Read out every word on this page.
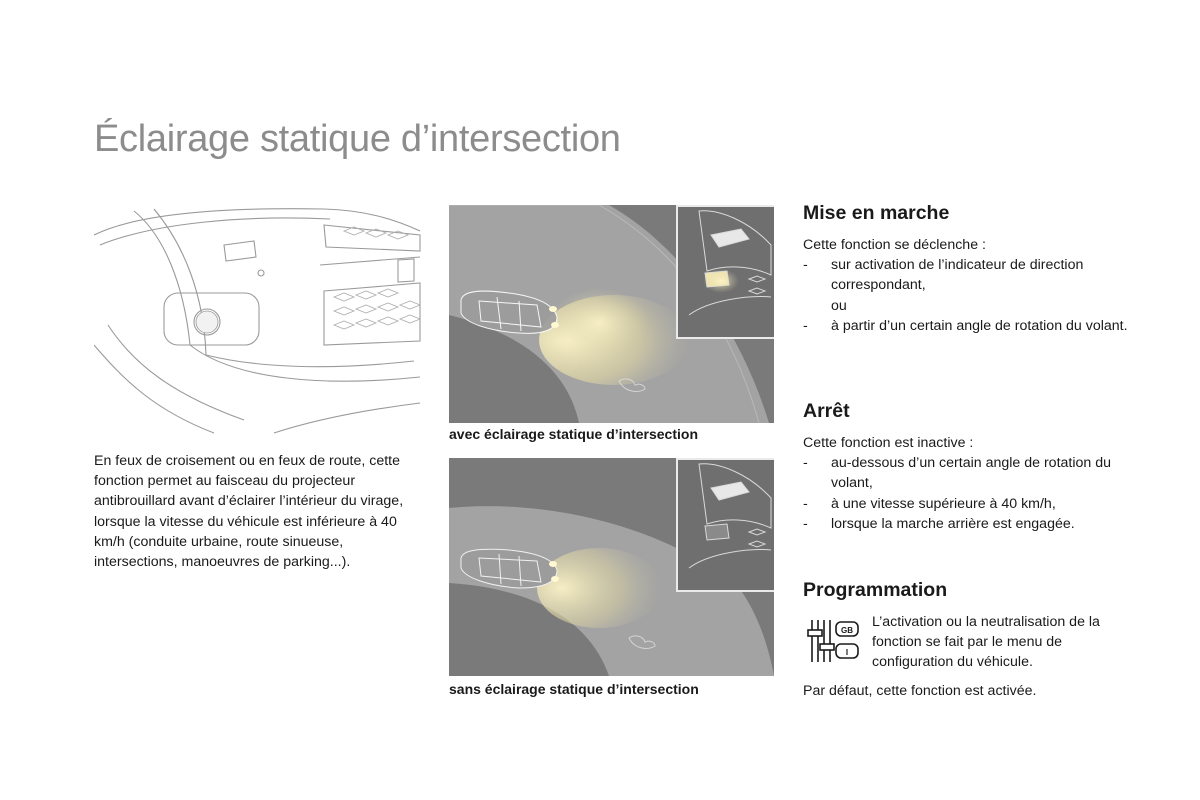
Éclairage statique d’intersection
En feux de croisement ou en feux de route, cette fonction permet au faisceau du projecteur antibrouillard avant d’éclairer l’intérieur du virage, lorsque la vitesse du véhicule est inférieure à 40 km/h (conduite urbaine, route sinueuse, intersections, manoeuvres de parking...).
avec éclairage statique d’intersection
sans éclairage statique d’intersection
Mise en marche

Cette fonction se déclenche :

- sur activation de l’indicateur de direction correspondant,
ou
- à partir d’un certain angle de rotation du volant.
Arrêt

Cette fonction est inactive :

- au-dessous d’un certain angle de rotation du volant,
- à une vitesse supérieure à 40 km/h,
- lorsque la marche arrière est engagée.
Programmation
GB
I
L’activation ou la neutralisation de la fonction se fait par le menu de configuration du véhicule.
Par défaut, cette fonction est activée.
